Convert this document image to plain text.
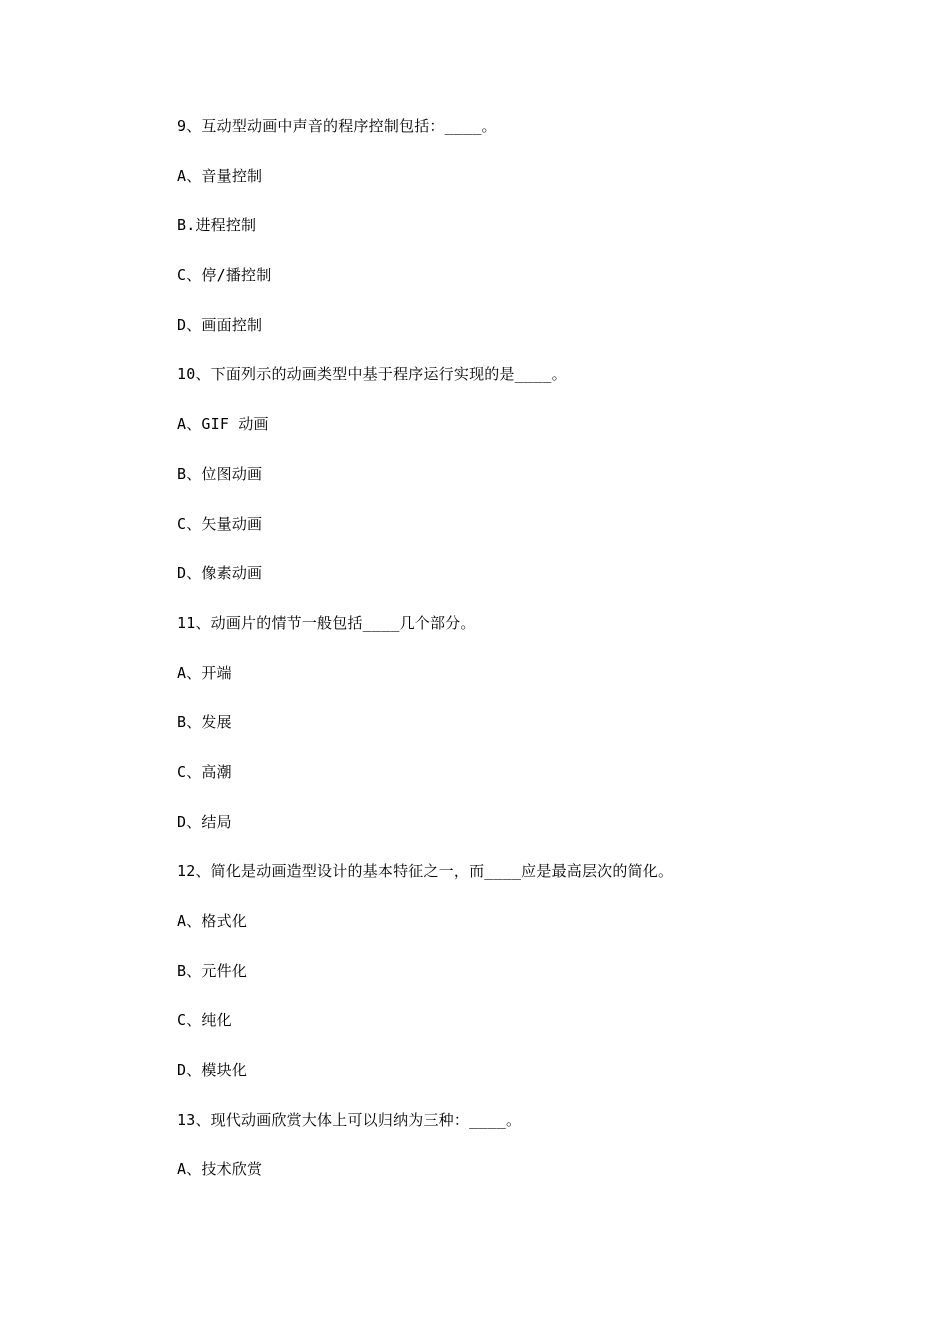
9、互动型动画中声音的程序控制包括：____。
A、音量控制
B.进程控制
C、停/播控制
D、画面控制
10、下面列示的动画类型中基于程序运行实现的是____。
A、GIF 动画
B、位图动画
C、矢量动画
D、像素动画
11、动画片的情节一般包括____几个部分。
A、开端
B、发展
C、高潮
D、结局
12、简化是动画造型设计的基本特征之一，而____应是最高层次的简化。
A、格式化
B、元件化
C、纯化
D、模块化
13、现代动画欣赏大体上可以归纳为三种：____。
A、技术欣赏
